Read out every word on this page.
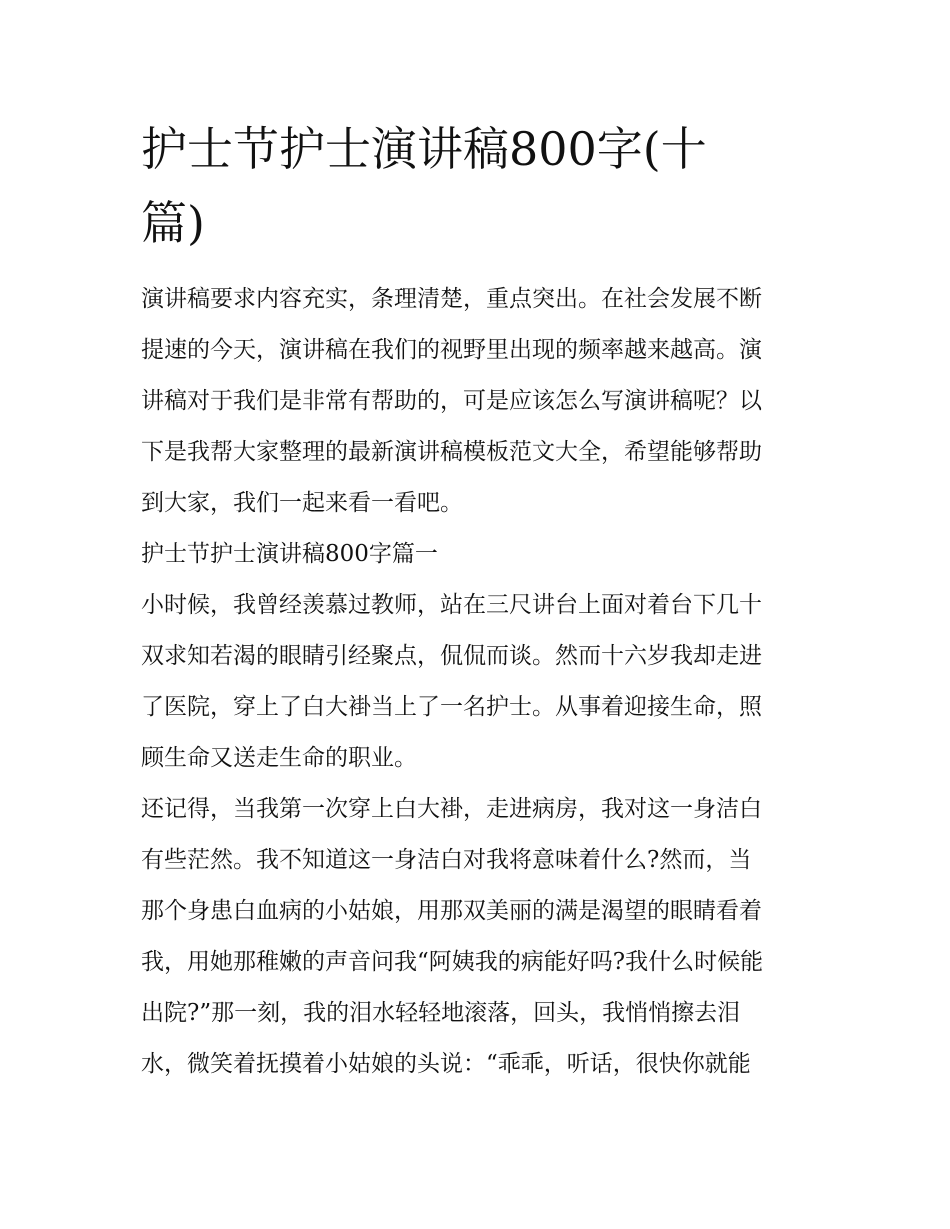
护士节护士演讲稿800字(十
篇)

演讲稿要求内容充实，条理清楚，重点突出。在社会发展不断
提速的今天，演讲稿在我们的视野里出现的频率越来越高。演
讲稿对于我们是非常有帮助的，可是应该怎么写演讲稿呢？以
下是我帮大家整理的最新演讲稿模板范文大全，希望能够帮助
到大家，我们一起来看一看吧。

护士节护士演讲稿800字篇一

小时候，我曾经羡慕过教师，站在三尺讲台上面对着台下几十
双求知若渴的眼睛引经聚点，侃侃而谈。然而十六岁我却走进
了医院，穿上了白大褂当上了一名护士。从事着迎接生命，照
顾生命又送走生命的职业。

还记得，当我第一次穿上白大褂，走进病房，我对这一身洁白
有些茫然。我不知道这一身洁白对我将意味着什么?然而，当
那个身患白血病的小姑娘，用那双美丽的满是渴望的眼睛看着
我，用她那稚嫩的声音问我“阿姨我的病能好吗?我什么时候能
出院?”那一刻，我的泪水轻轻地滚落，回头，我悄悄擦去泪
水，微笑着抚摸着小姑娘的头说：“乖乖，听话，很快你就能
